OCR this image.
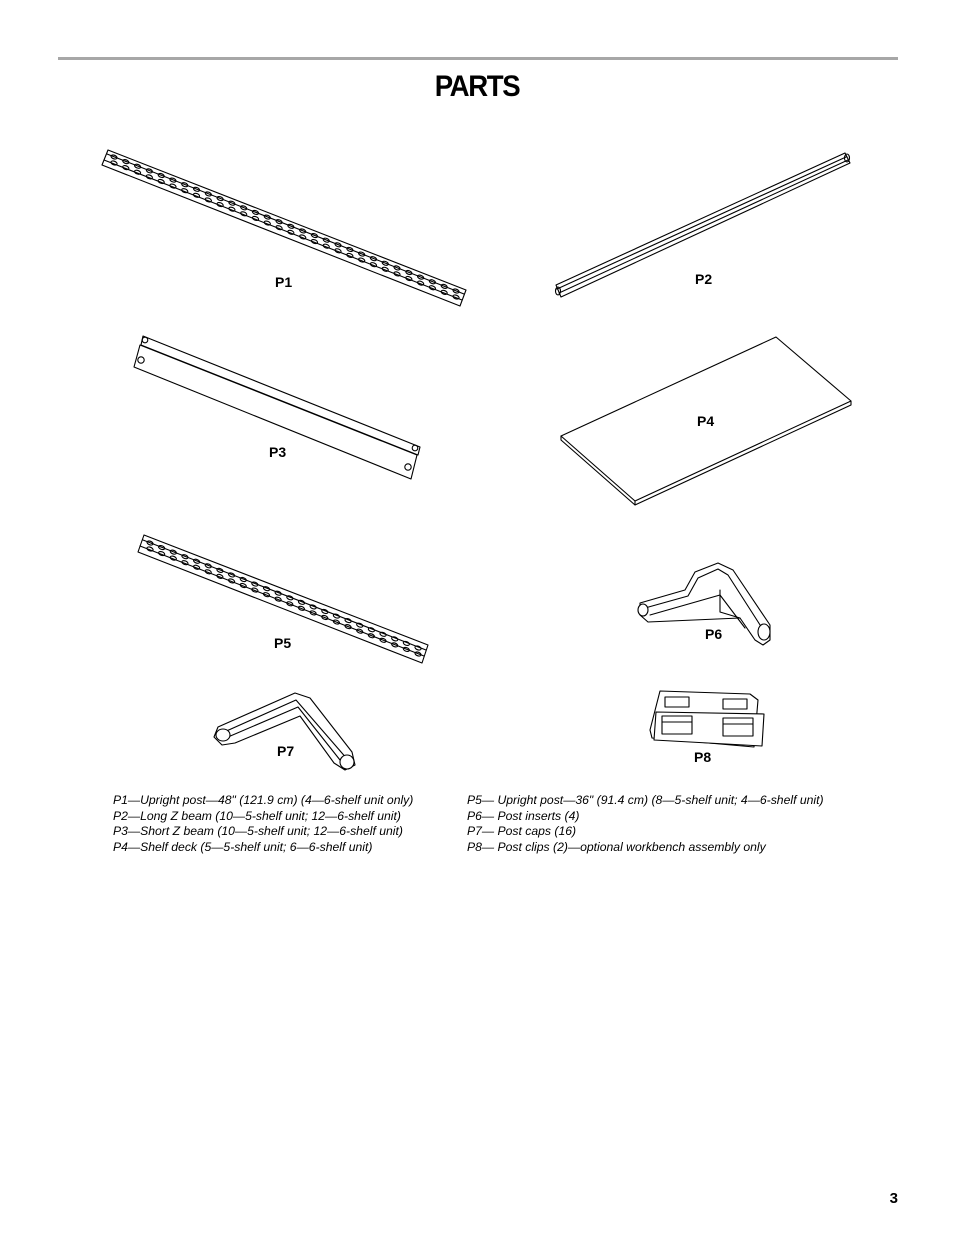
PARTS
P1	P2
P3
P4
P5
P6
P7	P8
P1—Upright post—48" (121.9 cm) (4—6-shelf unit only)
P2—Long Z beam (10—5-shelf unit; 12—6-shelf unit)
P3—Short Z beam (10—5-shelf unit; 12—6-shelf unit)
P4—Shelf deck (5—5-shelf unit; 6—6-shelf unit)
P5— Upright post—36" (91.4 cm) (8—5-shelf unit; 4—6-shelf unit)
P6— Post inserts (4)
P7— Post caps (16)
P8— Post clips (2)—optional workbench assembly only
3
